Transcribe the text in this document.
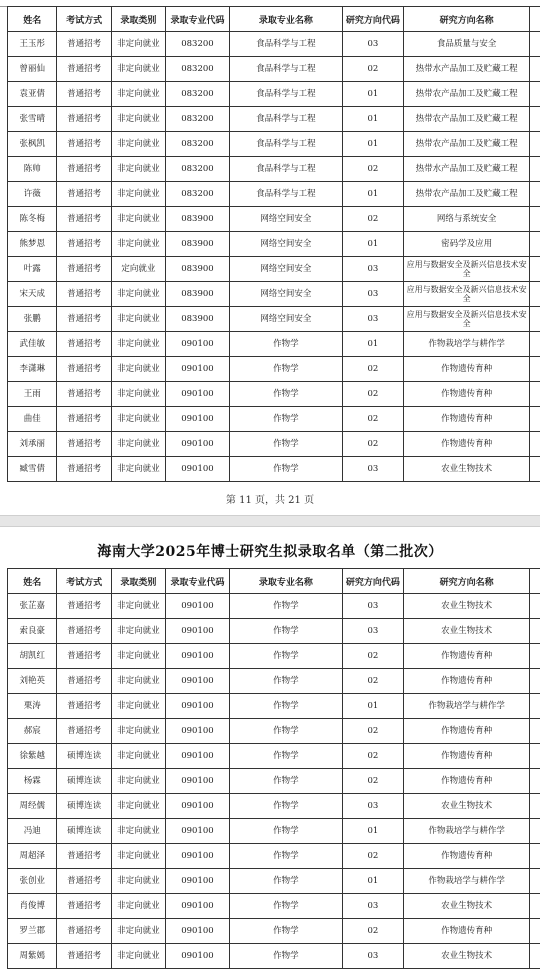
姓名	考试方式	录取类别	录取专业代码	录取专业名称	研究方向代码	研究方向名称	
王玉彤	普通招考	非定向就业	083200	食品科学与工程	03	食品质量与安全	
曾丽仙	普通招考	非定向就业	083200	食品科学与工程	02	热带水产品加工及贮藏工程	
袁亚倩	普通招考	非定向就业	083200	食品科学与工程	01	热带农产品加工及贮藏工程	
张雪晴	普通招考	非定向就业	083200	食品科学与工程	01	热带农产品加工及贮藏工程	
张枫凯	普通招考	非定向就业	083200	食品科学与工程	01	热带农产品加工及贮藏工程	
陈帅	普通招考	非定向就业	083200	食品科学与工程	02	热带水产品加工及贮藏工程	
许薇	普通招考	非定向就业	083200	食品科学与工程	01	热带农产品加工及贮藏工程	
陈冬梅	普通招考	非定向就业	083900	网络空间安全	02	网络与系统安全	
熊梦恩	普通招考	非定向就业	083900	网络空间安全	01	密码学及应用	
叶露	普通招考	定向就业	083900	网络空间安全	03	应用与数据安全及新兴信息技术安全	
宋天成	普通招考	非定向就业	083900	网络空间安全	03	应用与数据安全及新兴信息技术安全	
张鹏	普通招考	非定向就业	083900	网络空间安全	03	应用与数据安全及新兴信息技术安全	
武佳敏	普通招考	非定向就业	090100	作物学	01	作物栽培学与耕作学	
李潇琳	普通招考	非定向就业	090100	作物学	02	作物遗传育种	
王雨	普通招考	非定向就业	090100	作物学	02	作物遗传育种	
曲佳	普通招考	非定向就业	090100	作物学	02	作物遗传育种	
刘承丽	普通招考	非定向就业	090100	作物学	02	作物遗传育种	
臧雪倩	普通招考	非定向就业	090100	作物学	03	农业生物技术	
第 11 页，共 21 页
海南大学2025年博士研究生拟录取名单（第二批次）
姓名	考试方式	录取类别	录取专业代码	录取专业名称	研究方向代码	研究方向名称	
张芷嘉	普通招考	非定向就业	090100	作物学	03	农业生物技术	
索良豪	普通招考	非定向就业	090100	作物学	03	农业生物技术	
胡凯红	普通招考	非定向就业	090100	作物学	02	作物遗传育种	
刘艳英	普通招考	非定向就业	090100	作物学	02	作物遗传育种	
栗涛	普通招考	非定向就业	090100	作物学	01	作物栽培学与耕作学	
郝宸	普通招考	非定向就业	090100	作物学	02	作物遗传育种	
徐紫越	硕博连读	非定向就业	090100	作物学	02	作物遗传育种	
杨霖	硕博连读	非定向就业	090100	作物学	02	作物遗传育种	
周经儒	硕博连读	非定向就业	090100	作物学	03	农业生物技术	
冯迪	硕博连读	非定向就业	090100	作物学	01	作物栽培学与耕作学	
周超泽	普通招考	非定向就业	090100	作物学	02	作物遗传育种	
张创业	普通招考	非定向就业	090100	作物学	01	作物栽培学与耕作学	
肖俊博	普通招考	非定向就业	090100	作物学	03	农业生物技术	
罗兰郡	普通招考	非定向就业	090100	作物学	02	作物遗传育种	
周紫嫣	普通招考	非定向就业	090100	作物学	03	农业生物技术	
